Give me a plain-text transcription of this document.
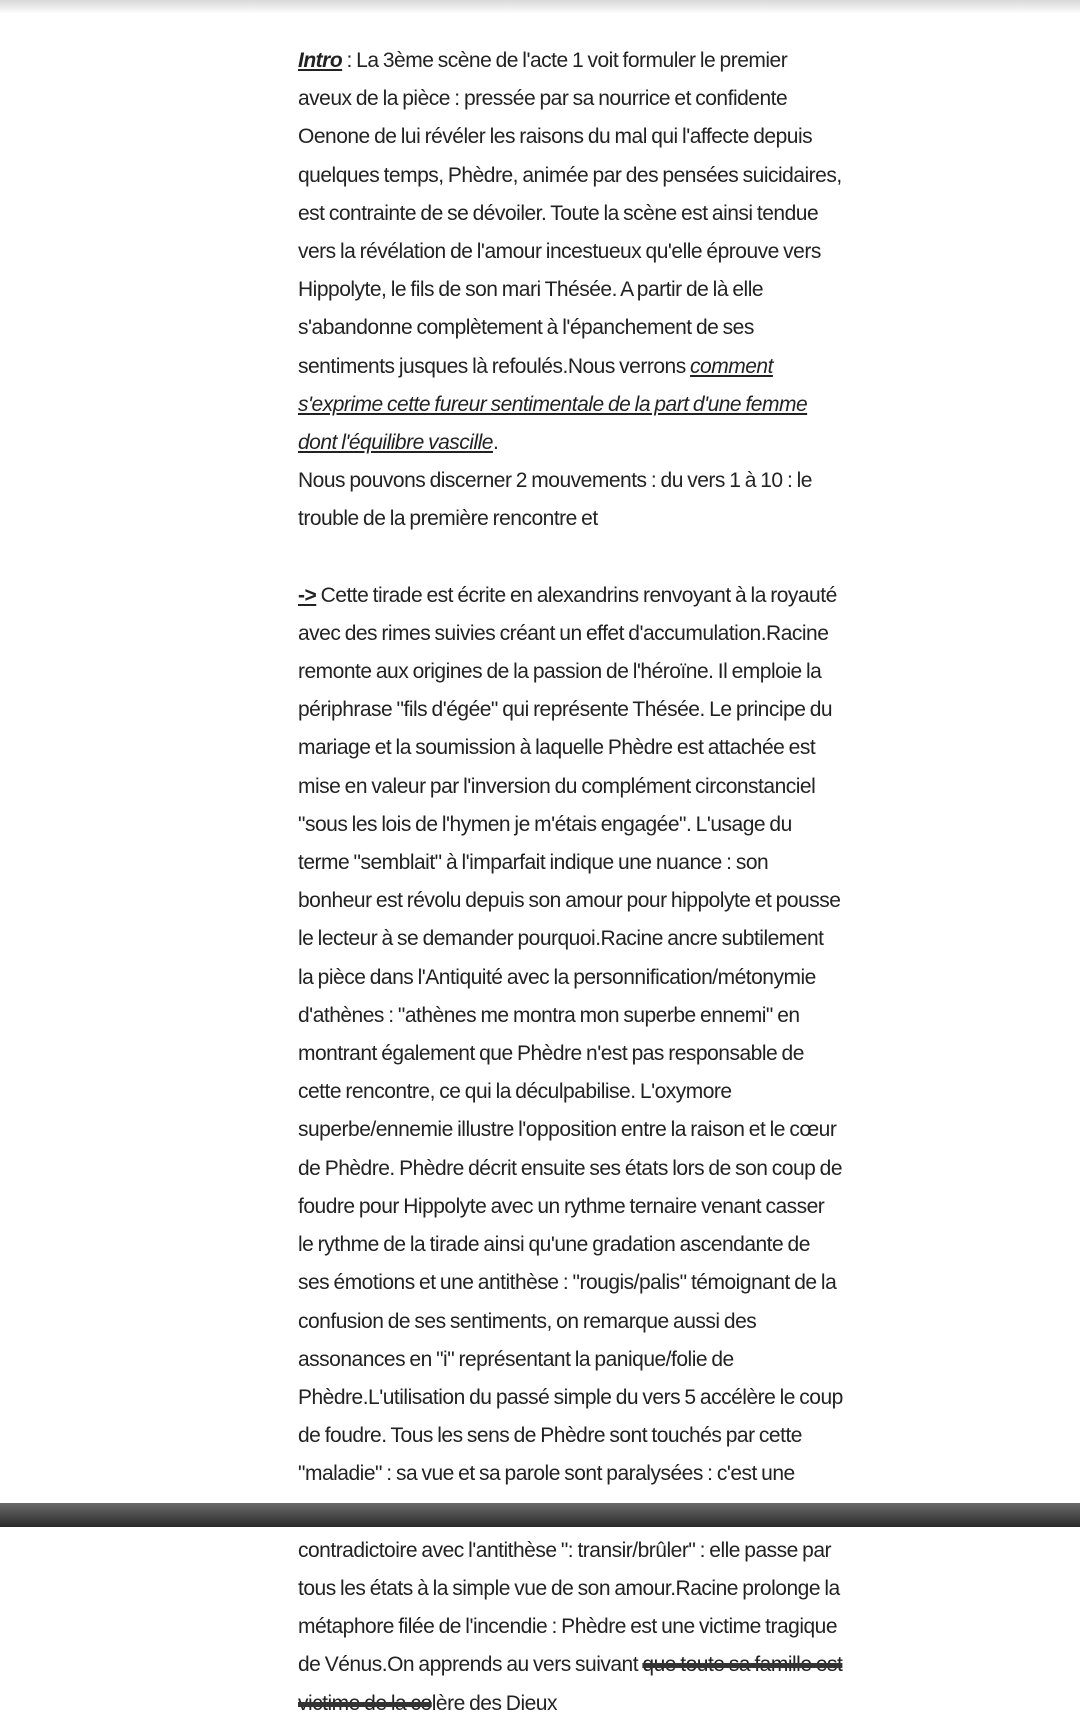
Intro : La 3ème scène de l'acte 1 voit formuler le premier aveux de la pièce : pressée par sa nourrice et confidente Oenone de lui révéler les raisons du mal qui l'affecte depuis quelques temps, Phèdre, animée par des pensées suicidaires, est contrainte de se dévoiler. Toute la scène est ainsi tendue vers la révélation de l'amour incestueux qu'elle éprouve vers Hippolyte, le fils de son mari Thésée. A partir de là elle s'abandonne complètement à l'épanchement de ses sentiments jusques là refoulés.Nous verrons comment s'exprime cette fureur sentimentale de la part d'une femme dont l'équilibre vascille.

Nous pouvons discerner 2 mouvements : du vers 1 à 10 : le trouble de la première rencontre et

-> Cette tirade est écrite en alexandrins renvoyant à la royauté avec des rimes suivies créant un effet d'accumulation.Racine remonte aux origines de la passion de l'héroïne. Il emploie la périphrase "fils d'égée" qui représente Thésée. Le principe du mariage et la soumission à laquelle Phèdre est attachée est mise en valeur par l'inversion du complément circonstanciel "sous les lois de l'hymen je m'étais engagée". L'usage du terme "semblait" à l'imparfait indique une nuance : son bonheur est révolu depuis son amour pour hippolyte et pousse le lecteur à se demander pourquoi.Racine ancre subtilement la pièce dans l'Antiquité avec la personnification/métonymie d'athènes : "athènes me montra mon superbe ennemi" en montrant également que Phèdre n'est pas responsable de cette rencontre, ce qui la déculpabilise. L'oxymore superbe/ennemie illustre l'opposition entre la raison et le cœur de Phèdre. Phèdre décrit ensuite ses états lors de son coup de foudre pour Hippolyte avec un rythme ternaire venant casser le rythme de la tirade ainsi qu'une gradation ascendante de ses émotions et une antithèse : "rougis/palis" témoignant de la confusion de ses sentiments, on remarque aussi des assonances en "i" représentant la panique/folie de Phèdre.L'utilisation du passé simple du vers 5 accélère le coup de foudre. Tous les sens de Phèdre sont touchés par cette "maladie" : sa vue et sa parole sont paralysées : c'est une contradictoire avec l'antithèse ": transir/brûler" : elle passe par tous les états à la simple vue de son amour.Racine prolonge la métaphore filée de l'incendie : Phèdre est une victime tragique de Vénus.On apprends au vers suivant que toute sa famille est victime de la colère des Dieux
